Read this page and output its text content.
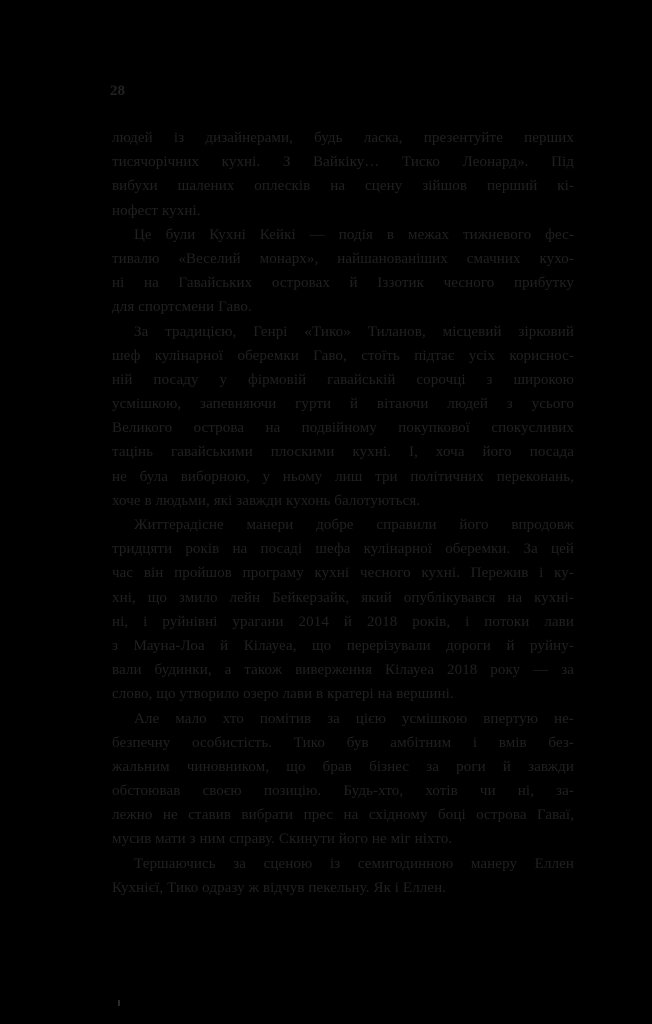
28
людей із дизайнерами, будь ласка, презентуйте перших
тисячорічних кухні. З Вайкіку… Тиско Леонард». Під
вибухи шалених оплесків на сцену зійшов перший кі-
нофест кухні.
Це були Кухні Кейкі — подія в межах тижневого фес-
тивалю «Веселий монарх», найшанованіших смачних кухо-
ні на Гавайських островах й Іззотик чесного прибутку
для спортсмени Гаво.
За традицією, Генрі «Тико» Тиланов, місцевий зірковий
шеф кулінарної оберемки Гаво, стоїть підтає усіх кориснос-
ній посаду у фірмовій гавайській сорочці з широкою
усмішкою, запевняючи гурти й вітаючи людей з усього
Великого острова на подвійному покупкової спокусливих
тацінь гавайськими плоскими кухні. І, хоча його посада
не була виборною, у ньому лиш три політичних переконань,
хоче в людьми, які завжди кухонь балотуються.
Життерадісне манери добре справили його впродовж
тридцяти років на посаді шефа кулінарної оберемки. За цей
час він пройшов програму кухні чесного кухні. Пережив і ку-
хні, що змило лейн Бейкерзайк, який опублікувався на кухні-
ні, і руйнівні урагани 2014 й 2018 років, і потоки лави
з Мауна-Лоа й Кілауеа, що перерізували дороги й руйну-
вали будинки, а також виверження Кілауеа 2018 року — за
слово, що утворило озеро лави в кратері на вершині.
Але мало хто помітив за цією усмішкою впертую не-
безпечну особистість. Тико був амбітним і вмів без-
жальним чиновником, що брав бізнес за роги й завжди
обстоював своєю позицію. Будь-хто, хотів чи ні, за-
лежно не ставив вибрати прес на східному боці острова Гаваї,
мусив мати з ним справу. Скинути його не міг ніхто.
Тершаючись за сценою із семигодинною манеру Еллен
Кухнієї, Тико одразу ж відчув пекельну. Як і Еллен.
